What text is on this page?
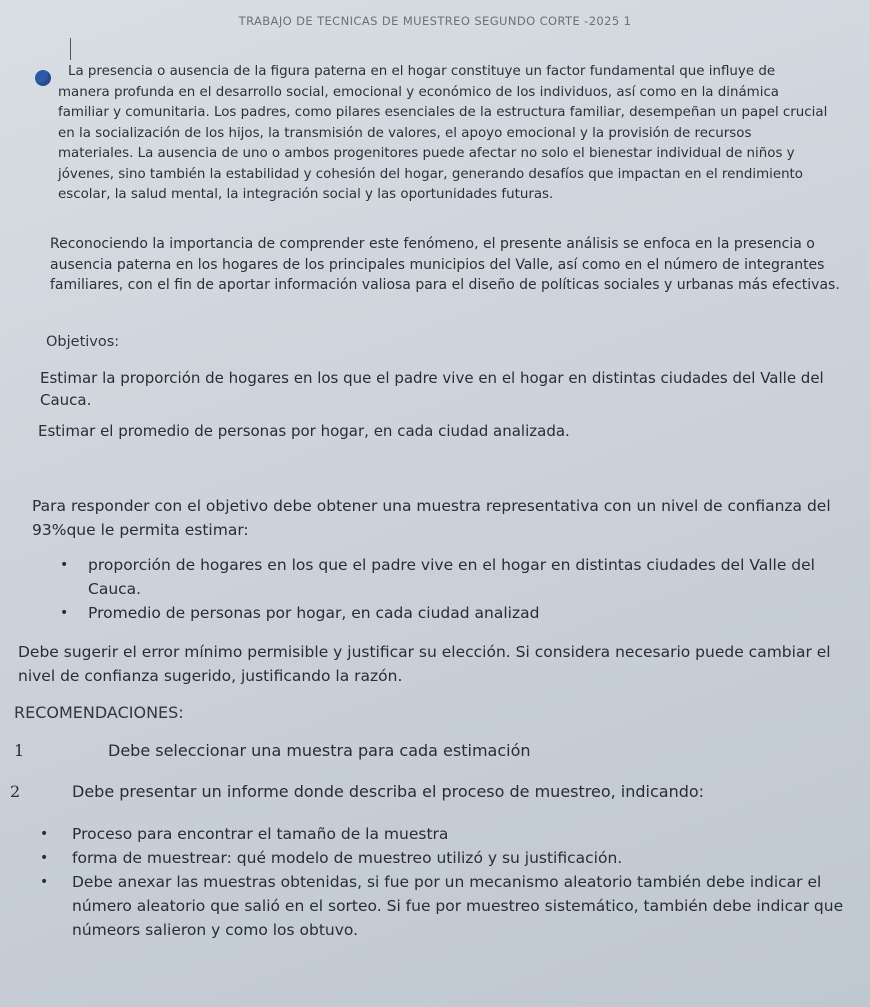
TRABAJO DE TECNICAS DE MUESTREO SEGUNDO CORTE -2025 1

La presencia o ausencia de la figura paterna en el hogar constituye un factor fundamental que influye de manera profunda en el desarrollo social, emocional y económico de los individuos, así como en la dinámica familiar y comunitaria. Los padres, como pilares esenciales de la estructura familiar, desempeñan un papel crucial en la socialización de los hijos, la transmisión de valores, el apoyo emocional y la provisión de recursos materiales. La ausencia de uno o ambos progenitores puede afectar no solo el bienestar individual de niños y jóvenes, sino también la estabilidad y cohesión del hogar, generando desafíos que impactan en el rendimiento escolar, la salud mental, la integración social y las oportunidades futuras.

Reconociendo la importancia de comprender este fenómeno, el presente análisis se enfoca en la presencia o ausencia paterna en los hogares de los principales municipios del Valle, así como en el número de integrantes familiares, con el fin de aportar información valiosa para el diseño de políticas sociales y urbanas más efectivas.

Objetivos:

Estimar la proporción de hogares en los que el padre vive en el hogar en distintas ciudades del Valle del Cauca.

Estimar el promedio de personas por hogar, en cada ciudad analizada.

Para responder con el objetivo debe obtener una muestra representativa con un nivel de confianza del 93%que le permita estimar:

• proporción de hogares en los que el padre vive en el hogar en distintas ciudades del Valle del Cauca.
• Promedio de personas por hogar, en cada ciudad analizad

Debe sugerir el error mínimo permisible y justificar su elección. Si considera necesario puede cambiar el nivel de confianza sugerido, justificando la razón.

RECOMENDACIONES:

1	Debe seleccionar una muestra para cada estimación
2	Debe presentar un informe donde describa el proceso de muestreo, indicando:
• Proceso para encontrar el tamaño de la muestra
• forma de muestrear: qué modelo de muestreo utilizó y su justificación.
• Debe anexar las muestras obtenidas, si fue por un mecanismo aleatorio también debe indicar el número aleatorio que salió en el sorteo. Si fue por muestreo sistemático, también debe indicar que númeors salieron y como los obtuvo.
